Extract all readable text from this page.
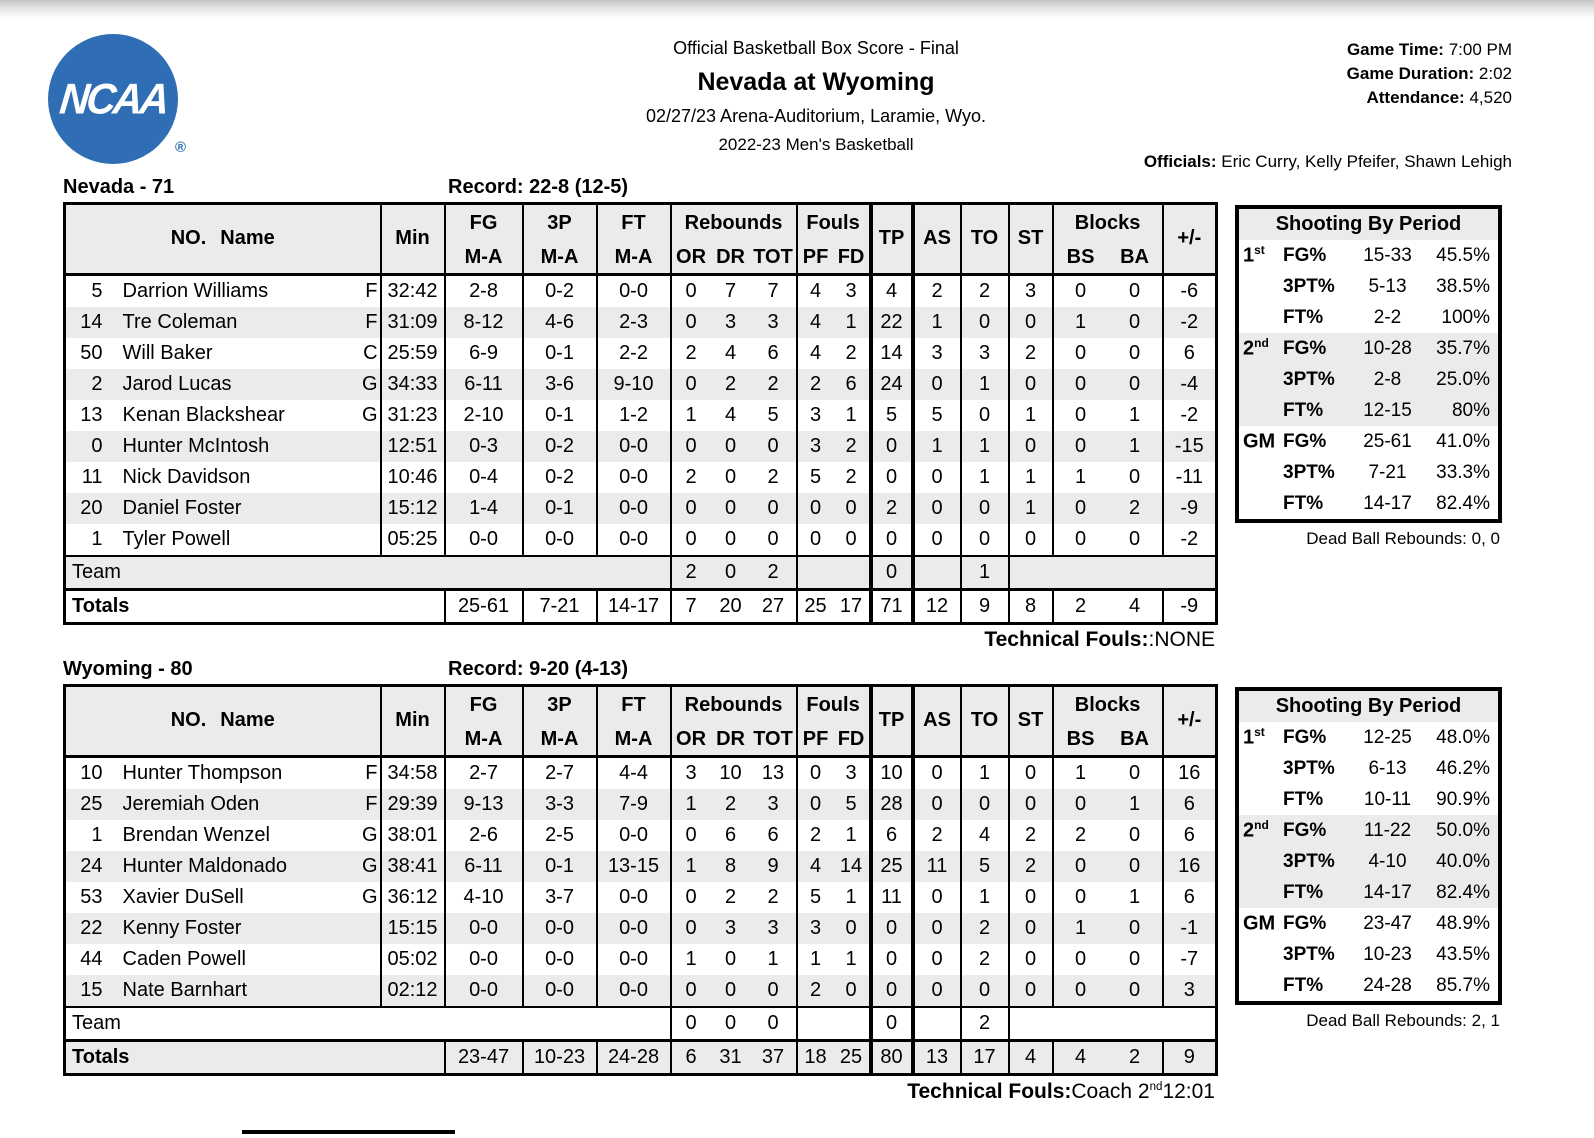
NCAA
®
Official Basketball Box Score - Final
Nevada at Wyoming
02/27/23 Arena-Auditorium, Laramie, Wyo.
2022-23 Men's Basketball
Game Time: 7:00 PM
Game Duration: 2:02
Attendance: 4,520
Officials: Eric Curry, Kelly Pfeifer, Shawn Lehigh
Nevada - 71	Record: 22-8 (12-5)
NO. Name		Min	FG	3P	FT	Rebounds			Fouls		TP	AS	TO	ST	Blocks		+/-
			M-A	M-A	M-A	OR	DR	TOT	PF	FD					BS	BA	
5	Darrion Williams F	32:42	2-8	0-2	0-0	0	7	7	4	3	4	2	2	3	0	0	-6
14	Tre Coleman F	31:09	8-12	4-6	2-3	0	3	3	4	1	22	1	0	0	1	0	-2
50	Will Baker C	25:59	6-9	0-1	2-2	2	4	6	4	2	14	3	3	2	0	0	6
2	Jarod Lucas G	34:33	6-11	3-6	9-10	0	2	2	2	6	24	0	1	0	0	0	-4
13	Kenan Blackshear G	31:23	2-10	0-1	1-2	1	4	5	3	1	5	5	0	1	0	1	-2
0	Hunter McIntosh	12:51	0-3	0-2	0-0	0	0	0	3	2	0	1	1	0	0	1	-15
11	Nick Davidson	10:46	0-4	0-2	0-0	2	0	2	5	2	0	0	1	1	1	0	-11
20	Daniel Foster	15:12	1-4	0-1	0-0	0	0	0	0	0	2	0	0	1	0	2	-9
1	Tyler Powell	05:25	0-0	0-0	0-0	0	0	0	0	0	0	0	0	0	0	0	-2
Team						2	0	2			0		1				
Totals			25-61	7-21	14-17	7	20	27	25	17	71	12	9	8	2	4	-9
Shooting By Period
1st FG%	15-33	45.5%
3PT%	5-13	38.5%
FT%	2-2	100%
2nd FG%	10-28	35.7%
3PT%	2-8	25.0%
FT%	12-15	80%
GM FG%	25-61	41.0%
3PT%	7-21	33.3%
FT%	14-17	82.4%
Dead Ball Rebounds: 0, 0
Technical Fouls::NONE
Wyoming - 80	Record: 9-20 (4-13)
NO. Name		Min	FG	3P	FT	Rebounds			Fouls		TP	AS	TO	ST	Blocks		+/-
			M-A	M-A	M-A	OR	DR	TOT	PF	FD					BS	BA	
10	Hunter Thompson F	34:58	2-7	2-7	4-4	3	10	13	0	3	10	0	1	0	1	0	16
25	Jeremiah Oden F	29:39	9-13	3-3	7-9	1	2	3	0	5	28	0	0	0	0	1	6
1	Brendan Wenzel G	38:01	2-6	2-5	0-0	0	6	6	2	1	6	2	4	2	2	0	6
24	Hunter Maldonado G	38:41	6-11	0-1	13-15	1	8	9	4	14	25	11	5	2	0	0	16
53	Xavier DuSell G	36:12	4-10	3-7	0-0	0	2	2	5	1	11	0	1	0	0	1	6
22	Kenny Foster	15:15	0-0	0-0	0-0	0	3	3	3	0	0	0	2	0	1	0	-1
44	Caden Powell	05:02	0-0	0-0	0-0	1	0	1	1	1	0	0	2	0	0	0	-7
15	Nate Barnhart	02:12	0-0	0-0	0-0	0	0	0	2	0	0	0	0	0	0	0	3
Team						0	0	0			0		2				
Totals			23-47	10-23	24-28	6	31	37	18	25	80	13	17	4	4	2	9
Shooting By Period
1st FG%	12-25	48.0%
3PT%	6-13	46.2%
FT%	10-11	90.9%
2nd FG%	11-22	50.0%
3PT%	4-10	40.0%
FT%	14-17	82.4%
GM FG%	23-47	48.9%
3PT%	10-23	43.5%
FT%	24-28	85.7%
Dead Ball Rebounds: 2, 1
Technical Fouls:Coach 2nd12:01
